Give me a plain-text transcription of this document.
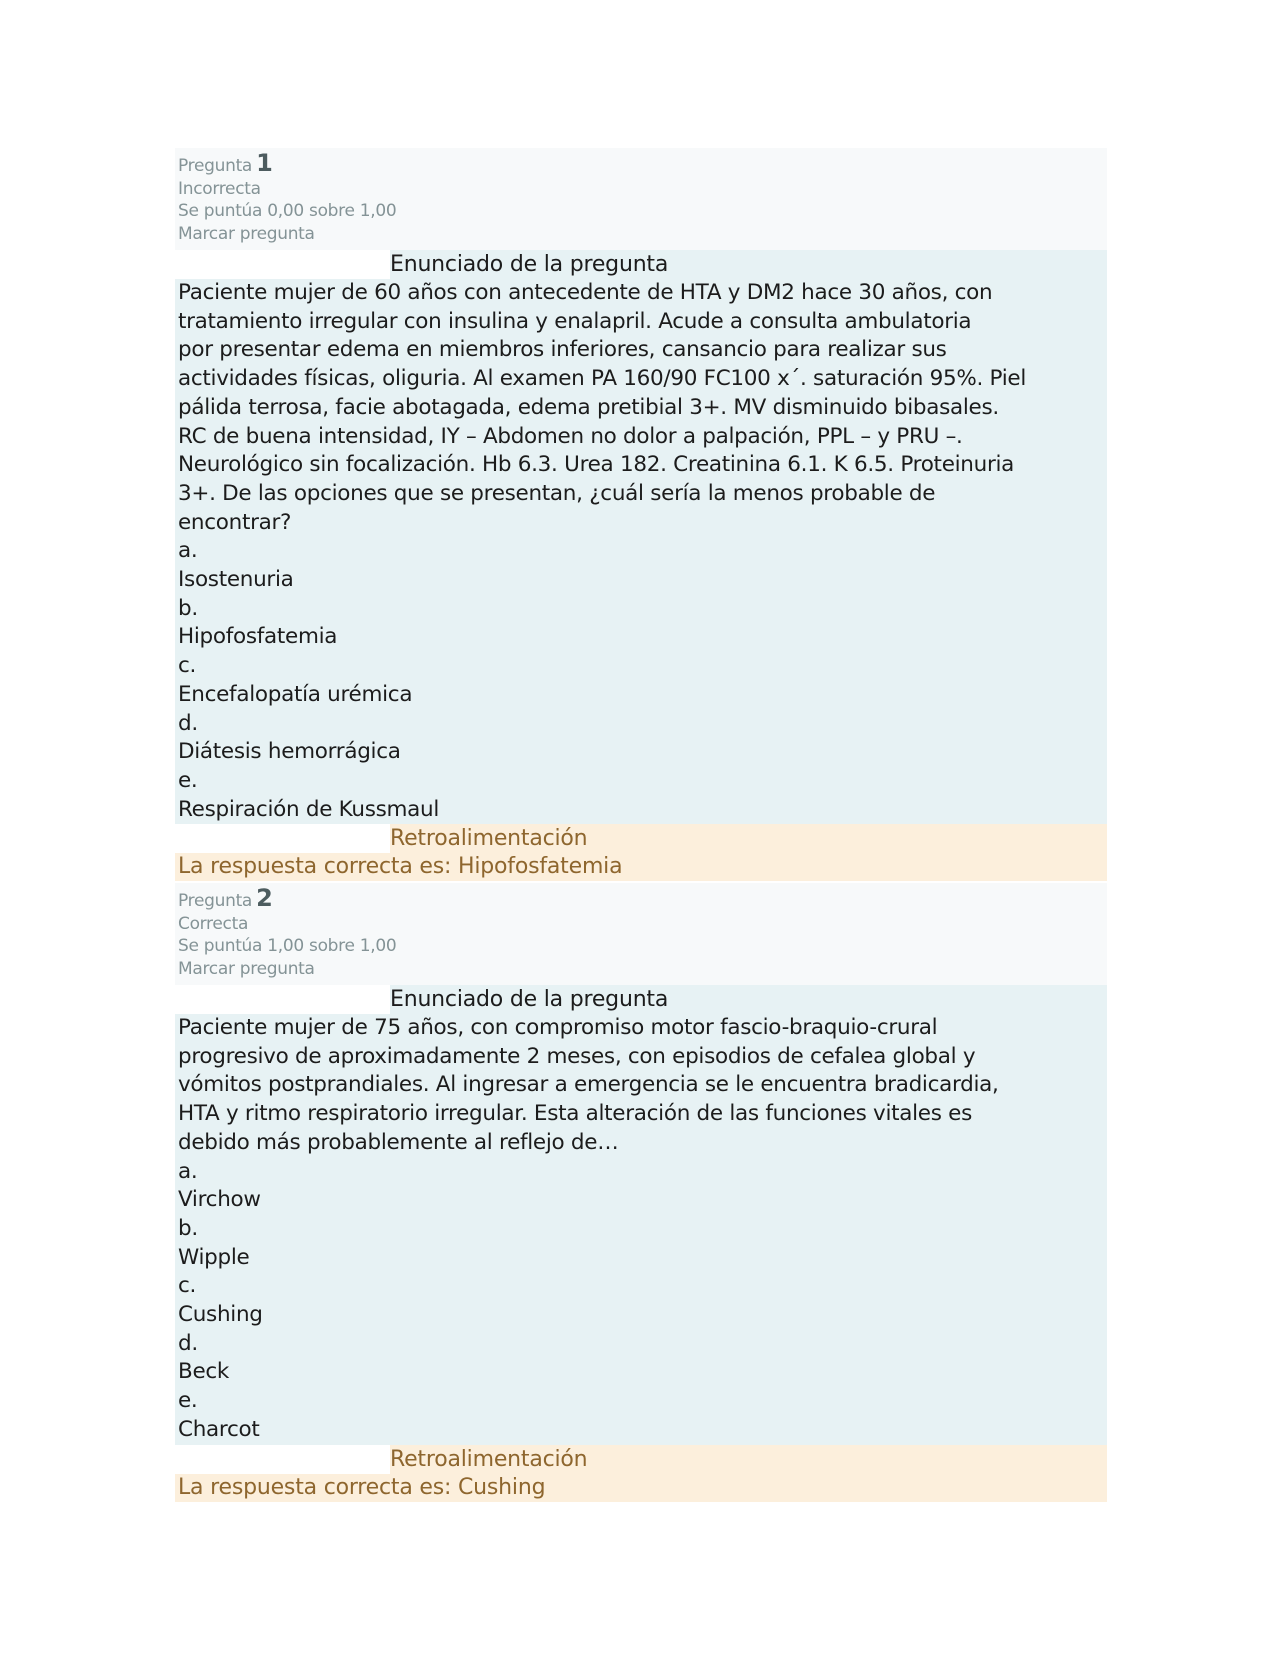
Pregunta 1
Incorrecta
Se puntúa 0,00 sobre 1,00
Marcar pregunta
Enunciado de la pregunta
Paciente mujer de 60 años con antecedente de HTA y DM2 hace 30 años, con
tratamiento irregular con insulina y enalapril. Acude a consulta ambulatoria
por presentar edema en miembros inferiores, cansancio para realizar sus
actividades físicas, oliguria. Al examen PA 160/90 FC100 x´. saturación 95%. Piel
pálida terrosa, facie abotagada, edema pretibial 3+. MV disminuido bibasales.
RC de buena intensidad, IY – Abdomen no dolor a palpación, PPL – y PRU –.
Neurológico sin focalización. Hb 6.3. Urea 182. Creatinina 6.1. K 6.5. Proteinuria
3+. De las opciones que se presentan, ¿cuál sería la menos probable de
encontrar?
a.
Isostenuria
b.
Hipofosfatemia
c.
Encefalopatía urémica
d.
Diátesis hemorrágica
e.
Respiración de Kussmaul
Retroalimentación
La respuesta correcta es: Hipofosfatemia
Pregunta 2
Correcta
Se puntúa 1,00 sobre 1,00
Marcar pregunta
Enunciado de la pregunta
Paciente mujer de 75 años, con compromiso motor fascio-braquio-crural
progresivo de aproximadamente 2 meses, con episodios de cefalea global y
vómitos postprandiales. Al ingresar a emergencia se le encuentra bradicardia,
HTA y ritmo respiratorio irregular. Esta alteración de las funciones vitales es
debido más probablemente al reflejo de…
a.
Virchow
b.
Wipple
c.
Cushing
d.
Beck
e.
Charcot
Retroalimentación
La respuesta correcta es: Cushing
